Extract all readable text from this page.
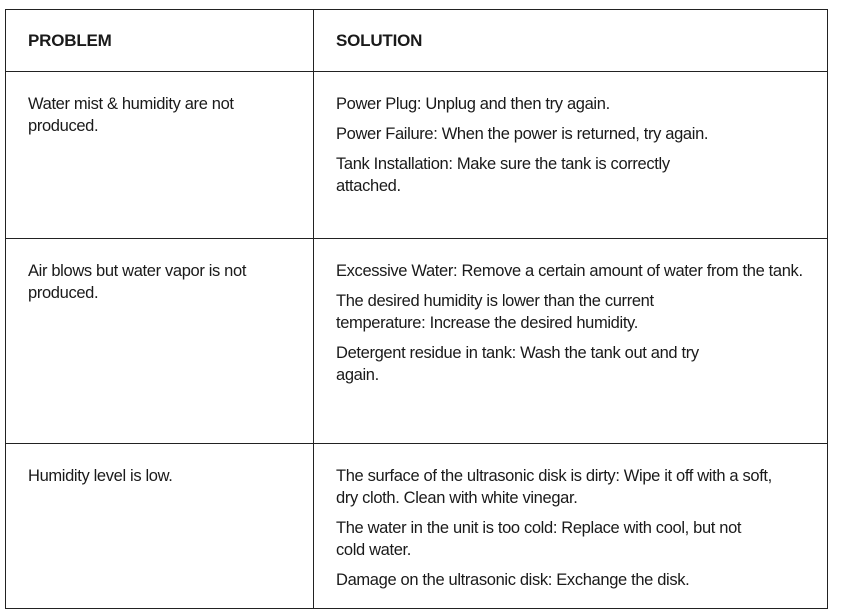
PROBLEM	SOLUTION
Water mist & humidity are not produced.

Power Plug: Unplug and then try again.

Power Failure: When the power is returned, try again.

Tank Installation: Make sure the tank is correctly attached.

Air blows but water vapor is not produced.

Excessive Water: Remove a certain amount of water from the tank.

The desired humidity is lower than the current temperature: Increase the desired humidity.

Detergent residue in tank: Wash the tank out and try again.

Humidity level is low.	The surface of the ultrasonic disk is dirty: Wipe it off with a soft, dry cloth. Clean with white vinegar.

The water in the unit is too cold: Replace with cool, but not cold water.

Damage on the ultrasonic disk: Exchange the disk.
